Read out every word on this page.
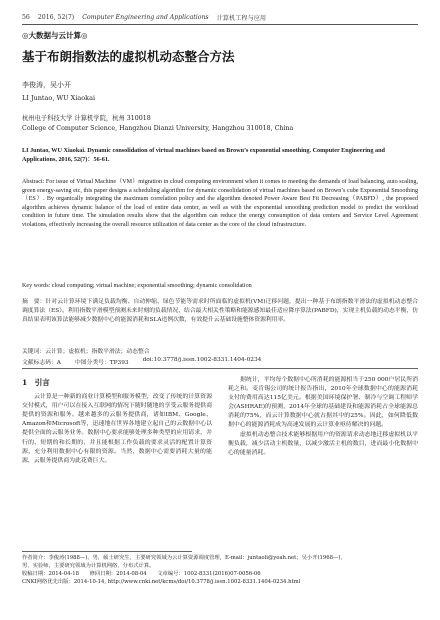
56 2016, 52(7) Computer Engineering and Applications 计算机工程与应用
◎大数据与云计算◎
基于布朗指数法的虚拟机动态整合方法
李俊涛，吴小开
LI Juntao, WU Xiaokai
杭州电子科技大学 计算机学院，杭州 310018
College of Computer Science, Hangzhou Dianzi University, Hangzhou 310018, China
LI Juntao, WU Xiaokai. Dynamic consolidation of virtual machines based on Brown’s exponential smoothing. Computer Engineering and Applications, 2016, 52(7)：56-61.
Abstract: For issue of Virtual Machine（VM）migration in cloud computing environment when it comes to meeting the demands of load balancing, auto scaling, green energy-saving etc, this paper designs a scheduling algorithm for dynamic consolidation of virtual machines based on Brown’s cube Exponential Smoothing（ES）. By organically integrating the maximum correlation policy and the algorithm denoted Power Aware Best Fit Decreasing（PABFD）, the proposed algorithm achieves dynamic balance of the load of entire data center, as well as with the exponential smoothing prediction model to predict the workload condition in future time. The simulation results show that the algorithm can reduce the energy consumption of data centers and Service Level Agreement violations, effectively increasing the overall resource utilization of data center as the core of the cloud infrastructure.
Key words: cloud computing; virtual machine; exponential smoothing; dynamic consolidation
摘　要：针对云计算环境下满足负载均衡、自动伸缩、绿色节能等需求时所面临的虚拟机(VM)迁移问题，提出一种基于布朗指数平滑法的虚拟机动态整合调度算法（ES）。利用指数平滑模型预测未来时刻的负载情况，结合最大相关性策略和能源感知最佳适应降序算法(PABFD)，实现主机负载的动态平衡，仿真结果表明该算法能够减少数据中心的能源消耗和SLA违例次数，有效提升云基础设施整体资源利用率。
关键词：云计算；虚拟机；指数平滑法；动态整合
文献标志码：A 中图分类号：TP393 doi:10.3778/j.issn.1002-8331.1404-0234
1　引言

云计算是一种新的商业计算模型和服务模型，改变了传统的计算资源交付模式，用户可以在接入互联网的情况下随时随地的享受云服务提供商提供的资源和服务。越来越多的云服务提供商，诸如IBM、Google、Amazon和Microsoft等，迅速地在世界各地建立起自己的云数据中心以提供全面的云服务业务。数据中心要求能够处理多种类型的应用请求，并行的、短期的和长期的，并且能根据工作负载的要求灵活的配置计算资源，充分利用数据中心有限的资源。当然，数据中心需要消耗大量的能源，云服务提供商为此花费巨大。

据统计，平均每个数据中心所消耗的能源相当于250 000户居民所消耗之和。麦肯锡公司的统计报告指出，2010年全球数据中心的能源消耗支付的费用高达115亿美元。根据美国环境保护署、制冷与空调工程师学会(ASHRAE)的预测，2014年全球的基础建设和能源消耗占全球能源总消耗的75%，而云计算数据中心就占据其中的25%。因此，如何降低数据中心的能源消耗成为高速发展的云计算业亟待解决的问题。

虚拟机动态整合技术能够根据用户的资源请求动态地迁移虚拟机以平衡负载，减少活动主机数量，以减少激活主机的数目，进而最小化数据中心的能量消耗。

作者简介：李俊涛(1988—)，男，硕士研究生，主要研究领域为云计算资源调度管理，E-mail：juntaoli@yeah.net；吴小开(1968—)，
男，实验师，主要研究领域为计算机网络、分布式计算。
收稿日期：2014-04-18　　修回日期：2014-08-04　　文章编号：1002-8331(2016)07-0056-06
CNKI网络优先出版：2014-10-14, http://www.cnki.net/kcms/doi/10.3778/j.issn.1002-8331.1404-0234.html
